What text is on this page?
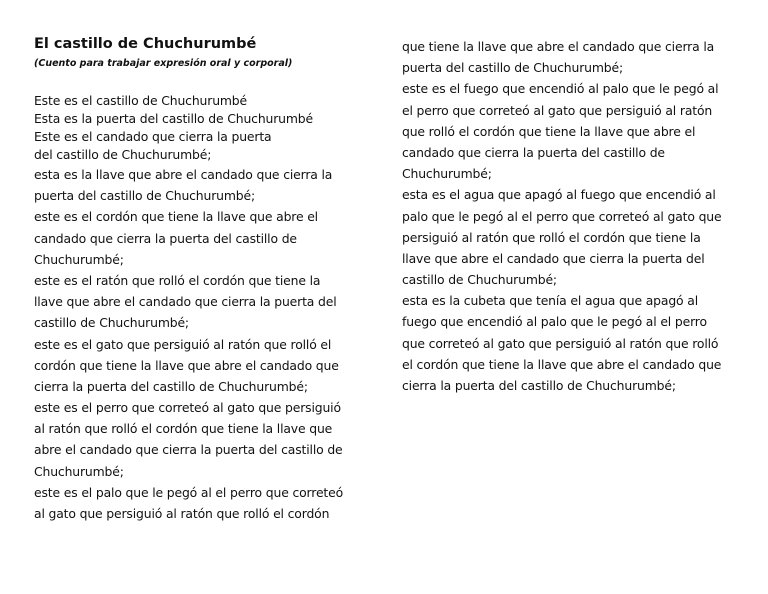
El castillo de Chuchurumbé

(Cuento para trabajar expresión oral y corporal)

Este es el castillo de Chuchurumbé
Esta es la puerta del castillo de Chuchurumbé
Este es el candado que cierra la puerta
del castillo de Chuchurumbé;
esta es la llave que abre el candado que cierra la
puerta del castillo de Chuchurumbé;
este es el cordón que tiene la llave que abre el
candado que cierra la puerta del castillo de
Chuchurumbé;
este es el ratón que rolló el cordón que tiene la
llave que abre el candado que cierra la puerta del
castillo de Chuchurumbé;
este es el gato que persiguió al ratón que rolló el
cordón que tiene la llave que abre el candado que
cierra la puerta del castillo de Chuchurumbé;
este es el perro que correteó al gato que persiguió
al ratón que rolló el cordón que tiene la llave que
abre el candado que cierra la puerta del castillo de
Chuchurumbé;
este es el palo que le pegó al el perro que correteó
al gato que persiguió al ratón que rolló el cordón
que tiene la llave que abre el candado que cierra la
puerta del castillo de Chuchurumbé;
este es el fuego que encendió al palo que le pegó al
el perro que correteó al gato que persiguió al ratón
que rolló el cordón que tiene la llave que abre el
candado que cierra la puerta del castillo de
Chuchurumbé;
esta es el agua que apagó al fuego que encendió al
palo que le pegó al el perro que correteó al gato que
persiguió al ratón que rolló el cordón que tiene la
llave que abre el candado que cierra la puerta del
castillo de Chuchurumbé;
esta es la cubeta que tenía el agua que apagó al
fuego que encendió al palo que le pegó al el perro
que correteó al gato que persiguió al ratón que rolló
el cordón que tiene la llave que abre el candado que
cierra la puerta del castillo de Chuchurumbé;
